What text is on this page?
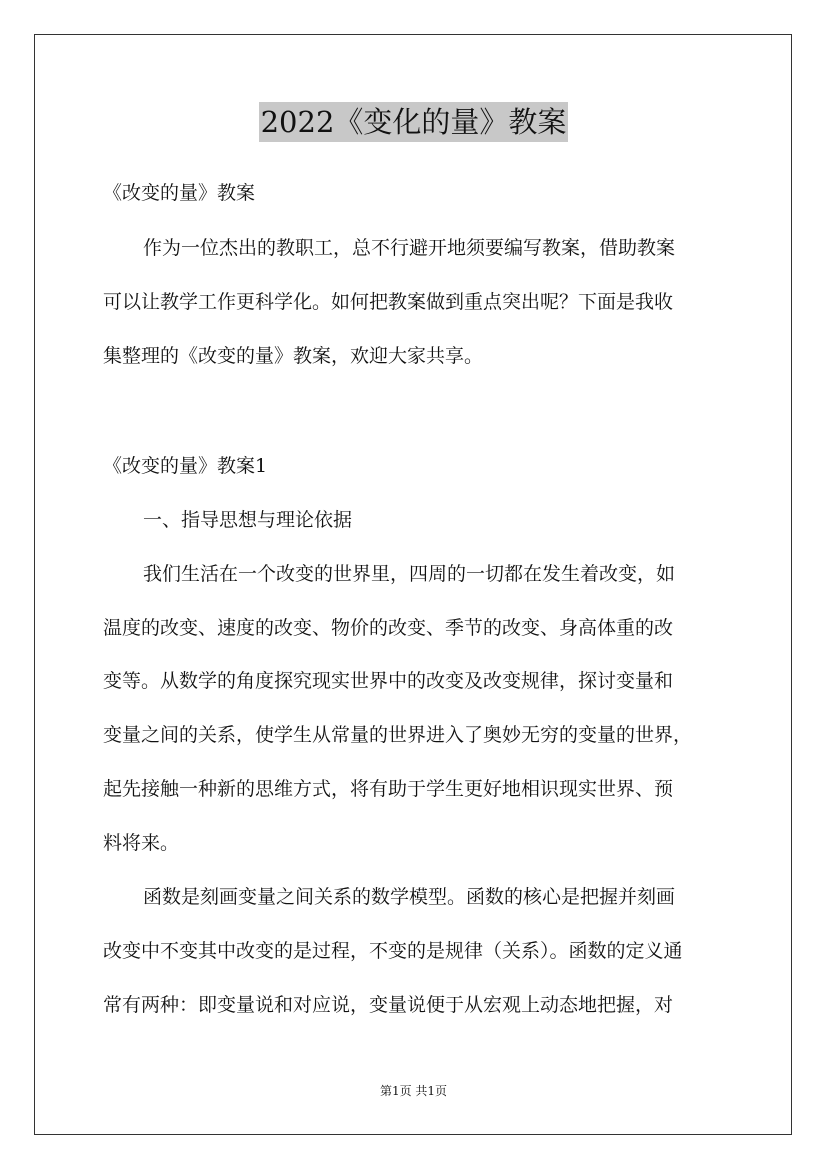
2022《变化的量》教案
《改变的量》教案
作为一位杰出的教职工，总不行避开地须要编写教案，借助教案
可以让教学工作更科学化。如何把教案做到重点突出呢？下面是我收
集整理的《改变的量》教案，欢迎大家共享。
《改变的量》教案1
一、指导思想与理论依据
我们生活在一个改变的世界里，四周的一切都在发生着改变，如
温度的改变、速度的改变、物价的改变、季节的改变、身高体重的改
变等。从数学的角度探究现实世界中的改变及改变规律，探讨变量和
变量之间的关系，使学生从常量的世界进入了奥妙无穷的变量的世界，
起先接触一种新的思维方式，将有助于学生更好地相识现实世界、预
料将来。
函数是刻画变量之间关系的数学模型。函数的核心是把握并刻画
改变中不变其中改变的是过程，不变的是规律（关系）。函数的定义通
常有两种：即变量说和对应说，变量说便于从宏观上动态地把握，对
第1页 共1页
